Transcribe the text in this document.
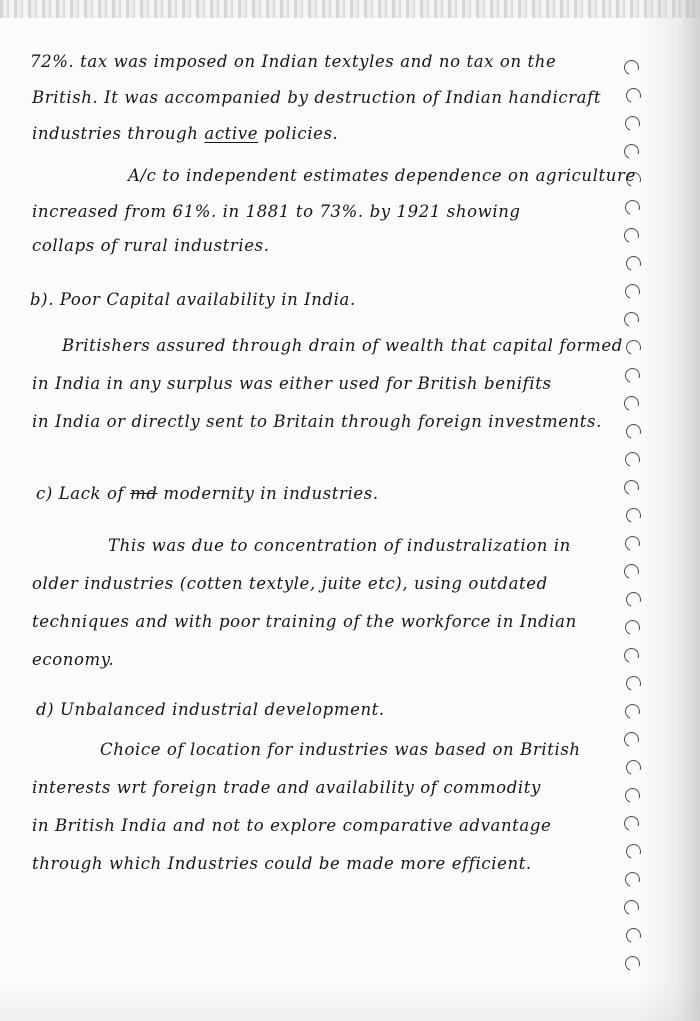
72%. tax was imposed on Indian textyles and no tax on the
British. It was accompanied by destruction of Indian handicraft
industries through active policies.
A/c to independent estimates dependence on agriculture
increased from 61%. in 1881 to 73%. by 1921 showing
collaps of rural industries.
b). Poor Capital availability in India.
Britishers assured through drain of wealth that capital formed
in India in any surplus was either used for British benifits
in India or directly sent to Britain through foreign investments.
c) Lack of md modernity in industries.
This was due to concentration of industralization in
older industries (cotten textyle, juite etc), using outdated
techniques and with poor training of the workforce in Indian
economy.
d) Unbalanced industrial development.
Choice of location for industries was based on British
interests wrt foreign trade and availability of commodity
in British India and not to explore comparative advantage
through which Industries could be made more efficient.
